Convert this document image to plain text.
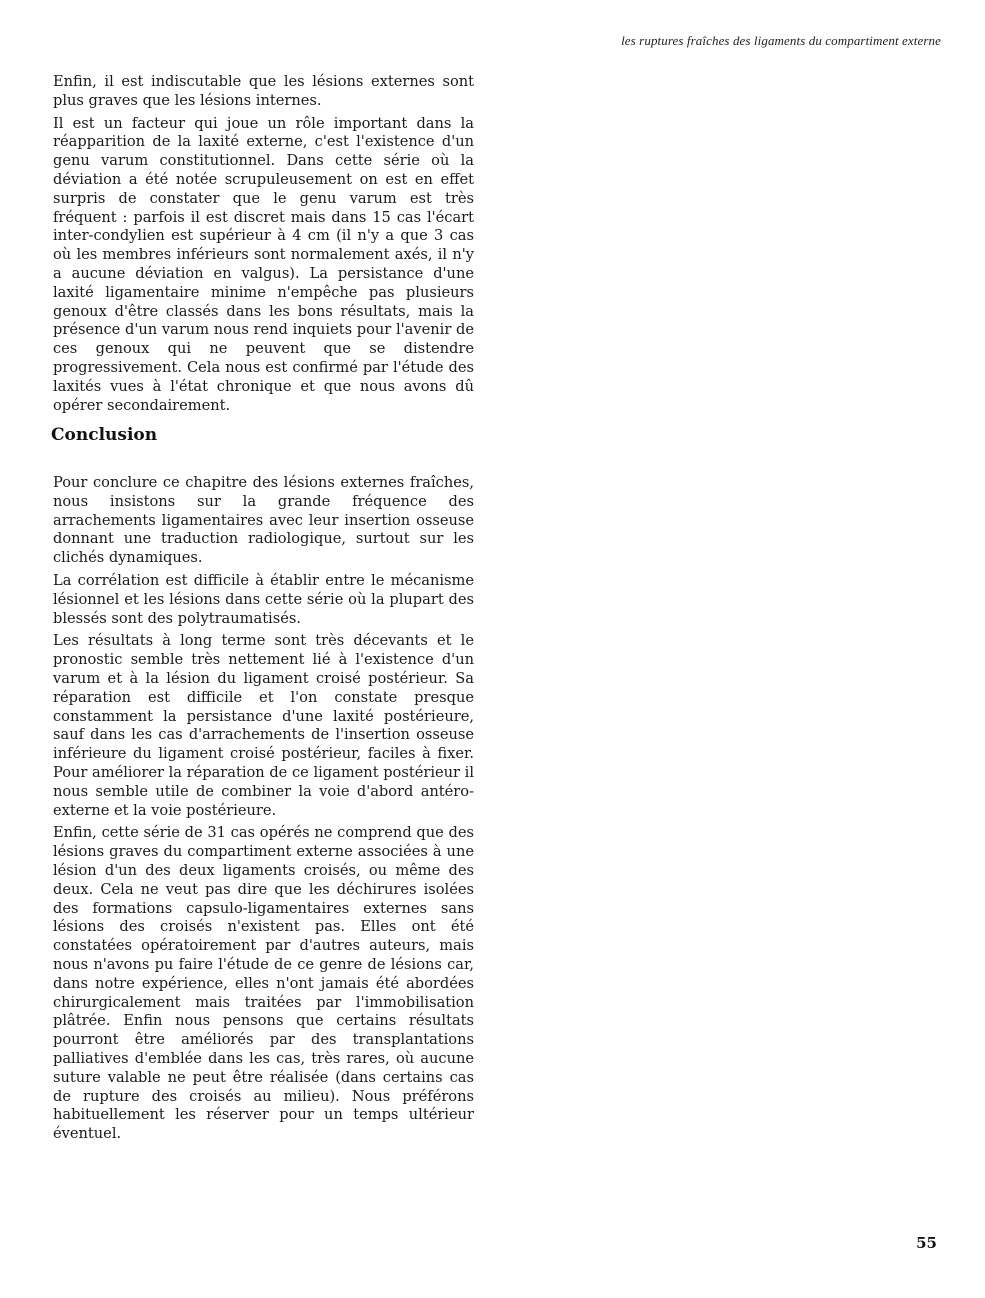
les ruptures fraîches des ligaments du compartiment externe

Enfin, il est indiscutable que les lésions externes sont plus graves que les lésions internes.

Il est un facteur qui joue un rôle important dans la réapparition de la laxité externe, c'est l'existence d'un genu varum constitutionnel. Dans cette série où la déviation a été notée scrupuleusement on est en effet surpris de constater que le genu varum est très fréquent : parfois il est discret mais dans 15 cas l'écart inter-condylien est supérieur à 4 cm (il n'y a que 3 cas où les membres inférieurs sont normalement axés, il n'y a aucune déviation en valgus). La persistance d'une laxité ligamentaire minime n'empêche pas plusieurs genoux d'être classés dans les bons résultats, mais la présence d'un varum nous rend inquiets pour l'avenir de ces genoux qui ne peuvent que se distendre progressivement. Cela nous est confirmé par l'étude des laxités vues à l'état chronique et que nous avons dû opérer secondairement.

Conclusion

Pour conclure ce chapitre des lésions externes fraîches, nous insistons sur la grande fréquence des arrachements ligamentaires avec leur insertion osseuse donnant une traduction radiologique, surtout sur les clichés dynamiques.

La corrélation est difficile à établir entre le mécanisme lésionnel et les lésions dans cette série où la plupart des blessés sont des polytraumatisés.

Les résultats à long terme sont très décevants et le pronostic semble très nettement lié à l'existence d'un varum et à la lésion du ligament croisé postérieur. Sa réparation est difficile et l'on constate presque constamment la persistance d'une laxité postérieure, sauf dans les cas d'arrachements de l'insertion osseuse inférieure du ligament croisé postérieur, faciles à fixer. Pour améliorer la réparation de ce ligament postérieur il nous semble utile de combiner la voie d'abord antéro-externe et la voie postérieure.

Enfin, cette série de 31 cas opérés ne comprend que des lésions graves du compartiment externe associées à une lésion d'un des deux ligaments croisés, ou même des deux. Cela ne veut pas dire que les déchirures isolées des formations capsulo-ligamentaires externes sans lésions des croisés n'existent pas. Elles ont été constatées opératoirement par d'autres auteurs, mais nous n'avons pu faire l'étude de ce genre de lésions car, dans notre expérience, elles n'ont jamais été abordées chirurgicalement mais traitées par l'immobilisation plâtrée. Enfin nous pensons que certains résultats pourront être améliorés par des transplantations palliatives d'emblée dans les cas, très rares, où aucune suture valable ne peut être réalisée (dans certains cas de rupture des croisés au milieu). Nous préférons habituellement les réserver pour un temps ultérieur éventuel.

55
